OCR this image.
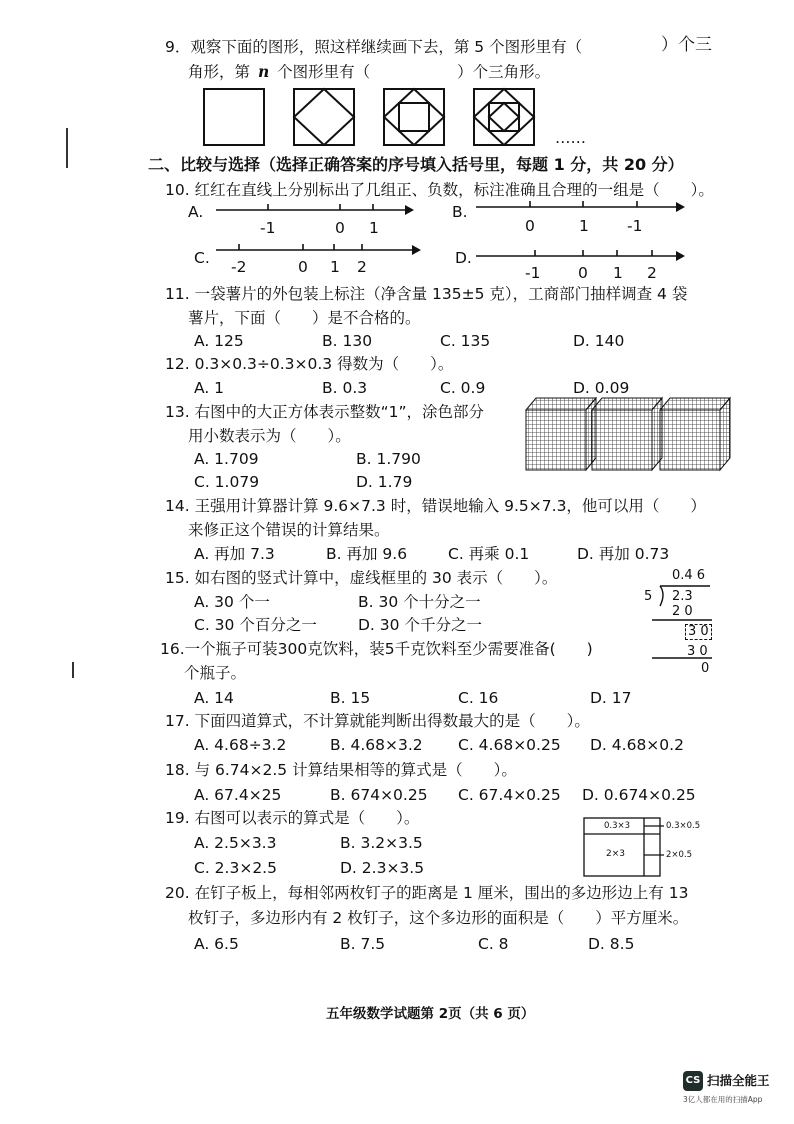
9．观察下面的图形，照这样继续画下去，第 5 个图形里有（	）个三
角形，第 n 个图形里有（	）个三角形。
……
二、比较与选择（选择正确答案的序号填入括号里，每题 1 分，共 20 分）
10. 红红在直线上分别标出了几组正、负数，标注准确且合理的一组是（　　）。
A.	B.
C.	D.
-1	0 1	0	1 -1
-2	0 1 2	-1 0 1 2
11. 一袋薯片的外包装上标注（净含量 135±5 克），工商部门抽样调查 4 袋
薯片，下面（　　）是不合格的。
A. 125	B. 130	C. 135	D. 140
12. 0.3×0.3÷0.3×0.3 得数为（　　）。
A. 1	B. 0.3	C. 0.9	D. 0.09
13. 右图中的大正方体表示整数“1”，涂色部分
用小数表示为（　　）。
A. 1.709	B. 1.790
C. 1.079	D. 1.79
14. 王强用计算器计算 9.6×7.3 时，错误地输入 9.5×7.3，他可以用（　　）
来修正这个错误的计算结果。
A. 再加 7.3	B. 再加 9.6	C. 再乘 0.1	D. 再加 0.73
15. 如右图的竖式计算中，虚线框里的 30 表示（　　）。
A. 30 个一	B. 30 个十分之一
C. 30 个百分之一	D. 30 个千分之一
0.4 6
5 2.3
2 0
3 0
3 0
0
16.一个瓶子可装300克饮料，装5千克饮料至少需要准备(　　)
个瓶子。
A. 14	B. 15	C. 16	D. 17
17. 下面四道算式，不计算就能判断出得数最大的是（　　）。
A. 4.68÷3.2	B. 4.68×3.2 C. 4.68×0.25 D. 4.68×0.2
18. 与 6.74×2.5 计算结果相等的算式是（　　）。
A. 67.4×25	B. 674×0.25 C. 67.4×0.25 D. 0.674×0.25
19. 右图可以表示的算式是（　　）。
A. 2.5×3.3	B. 3.2×3.5
C. 2.3×2.5	D. 2.3×3.5
0.3×3
2×3
0.3×0.5
2×0.5
20. 在钉子板上，每相邻两枚钉子的距离是 1 厘米，围出的多边形边上有 13
枚钉子，多边形内有 2 枚钉子，这个多边形的面积是（　　）平方厘米。
A. 6.5	B. 7.5	C. 8	D. 8.5
五年级数学试题第 2页（共 6 页）
CS 扫描全能王
3亿人都在用的扫描App
